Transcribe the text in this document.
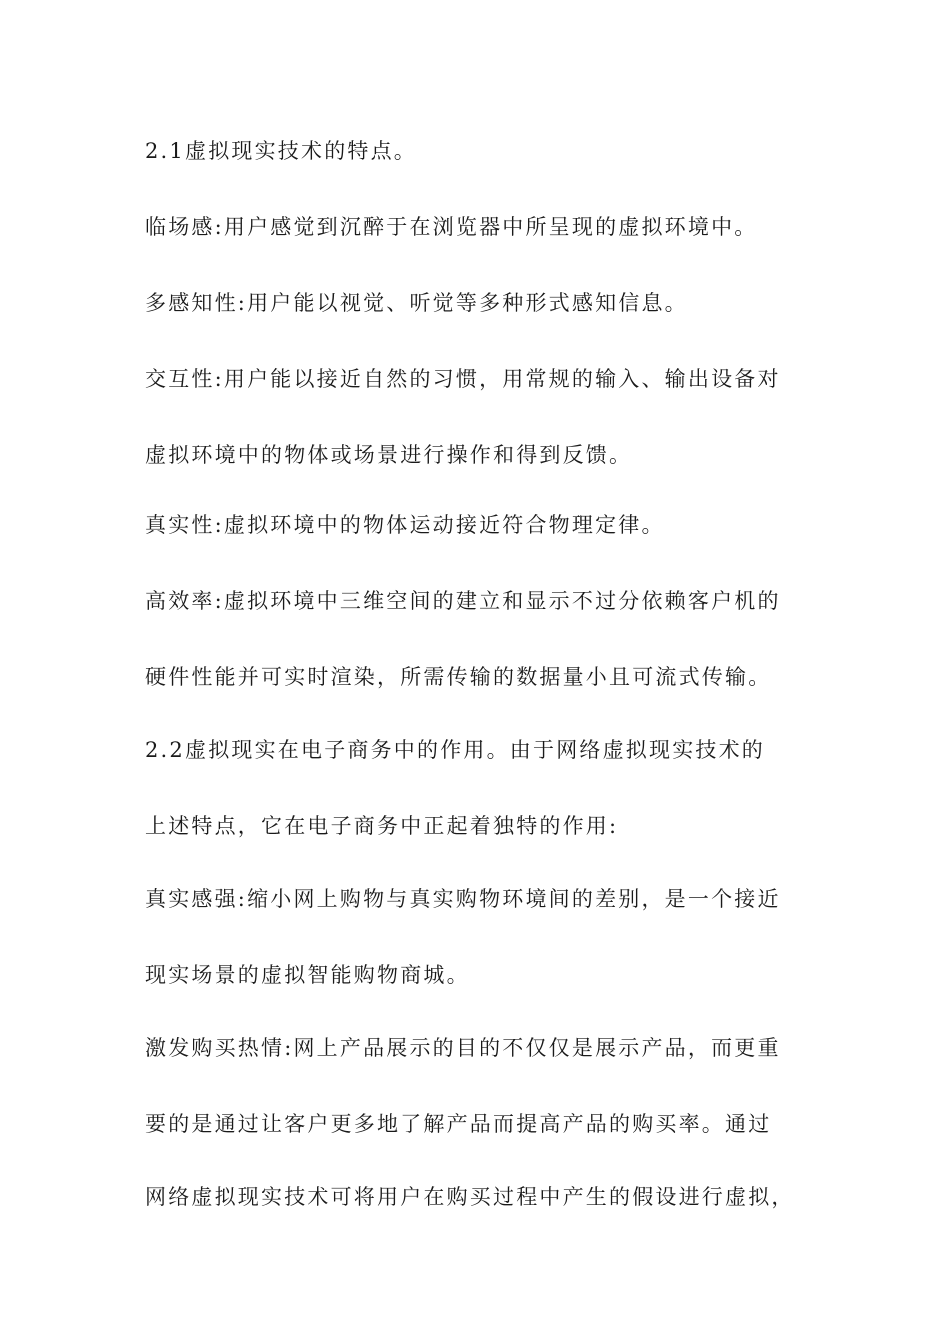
2.1虚拟现实技术的特点。
临场感:用户感觉到沉醉于在浏览器中所呈现的虚拟环境中。
多感知性:用户能以视觉、听觉等多种形式感知信息。
交互性:用户能以接近自然的习惯，用常规的输入、输出设备对
虚拟环境中的物体或场景进行操作和得到反馈。
真实性:虚拟环境中的物体运动接近符合物理定律。
高效率:虚拟环境中三维空间的建立和显示不过分依赖客户机的
硬件性能并可实时渲染，所需传输的数据量小且可流式传输。
2.2虚拟现实在电子商务中的作用。由于网络虚拟现实技术的
上述特点，它在电子商务中正起着独特的作用:
真实感强:缩小网上购物与真实购物环境间的差别，是一个接近
现实场景的虚拟智能购物商城。
激发购买热情:网上产品展示的目的不仅仅是展示产品，而更重
要的是通过让客户更多地了解产品而提高产品的购买率。通过
网络虚拟现实技术可将用户在购买过程中产生的假设进行虚拟，
